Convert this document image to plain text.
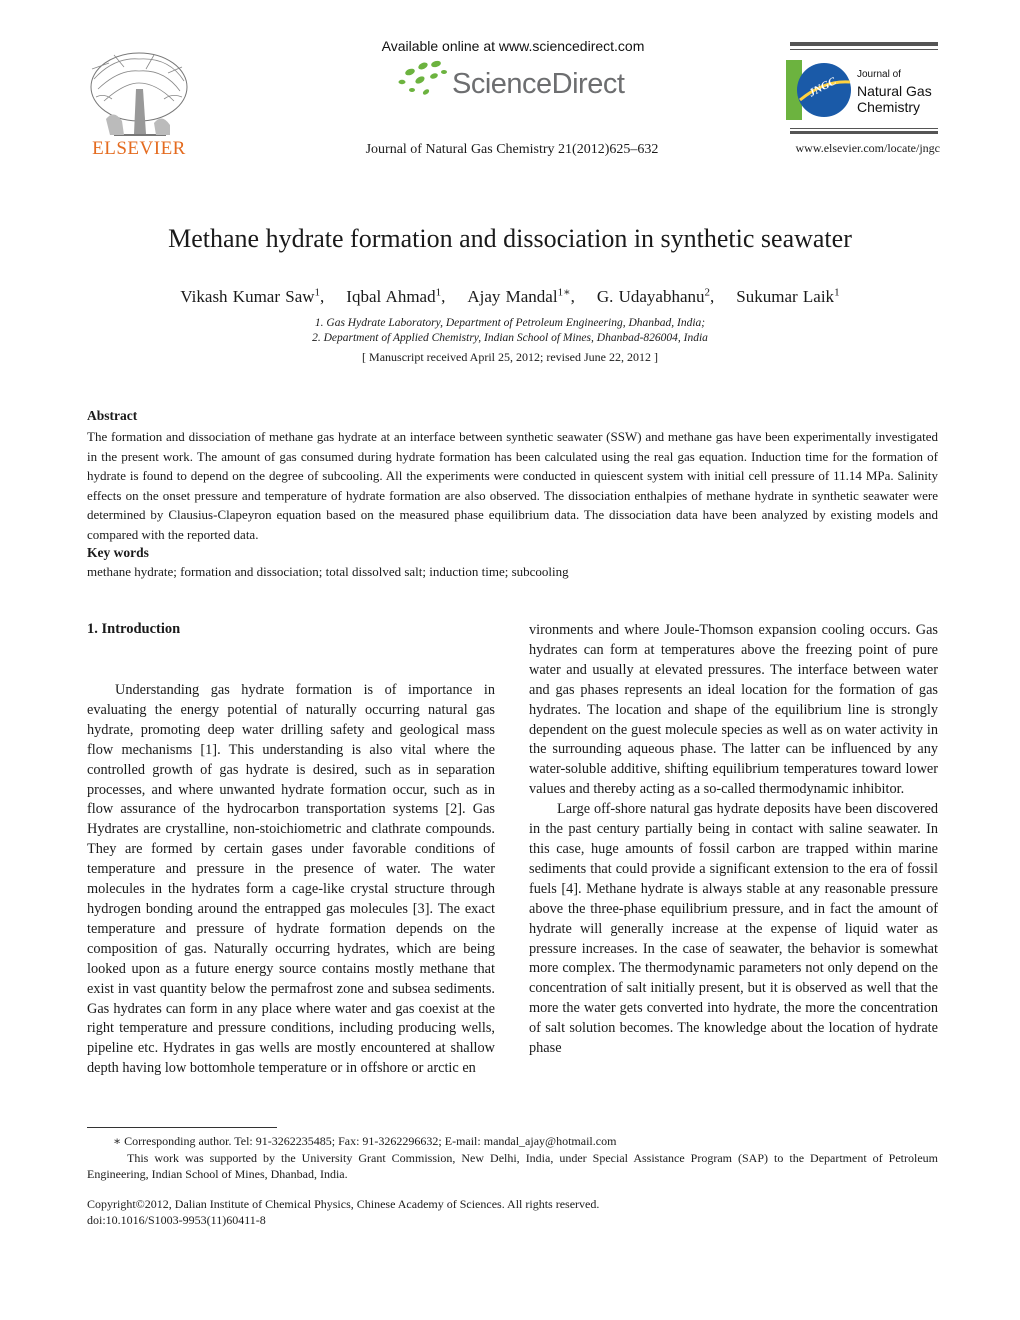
ELSEVIER
Available online at www.sciencedirect.com
ScienceDirect
Journal of Natural Gas Chemistry 21(2012)625–632
JNGC
Journal of
Natural Gas
Chemistry
www.elsevier.com/locate/jngc
Methane hydrate formation and dissociation in synthetic seawater
Vikash Kumar Saw$^1$, Iqbal Ahmad$^1$, Ajay Mandal$^{1∗}$, G. Udayabhanu$^2$, Sukumar Laik$^1$
1. Gas Hydrate Laboratory, Department of Petroleum Engineering, Dhanbad, India;
2. Department of Applied Chemistry, Indian School of Mines, Dhanbad-826004, India
[ Manuscript received April 25, 2012; revised June 22, 2012 ]
Abstract
The formation and dissociation of methane gas hydrate at an interface between synthetic seawater (SSW) and methane gas have been experimentally investigated in the present work. The amount of gas consumed during hydrate formation has been calculated using the real gas equation. Induction time for the formation of hydrate is found to depend on the degree of subcooling. All the experiments were conducted in quiescent system with initial cell pressure of 11.14 MPa. Salinity effects on the onset pressure and temperature of hydrate formation are also observed. The dissociation enthalpies of methane hydrate in synthetic seawater were determined by Clausius-Clapeyron equation based on the measured phase equilibrium data. The dissociation data have been analyzed by existing models and compared with the reported data.
Key words
methane hydrate; formation and dissociation; total dissolved salt; induction time; subcooling
1. Introduction

Understanding gas hydrate formation is of importance in evaluating the energy potential of naturally occurring natural gas hydrate, promoting deep water drilling safety and geological mass flow mechanisms [1]. This understanding is also vital where the controlled growth of gas hydrate is desired, such as in separation processes, and where unwanted hydrate formation occur, such as in flow assurance of the hydrocarbon transportation systems [2]. Gas Hydrates are crystalline, non-stoichiometric and clathrate compounds. They are formed by certain gases under favorable conditions of temperature and pressure in the presence of water. The water molecules in the hydrates form a cage-like crystal structure through hydrogen bonding around the entrapped gas molecules [3]. The exact temperature and pressure of hydrate formation depends on the composition of gas. Naturally occurring hydrates, which are being looked upon as a future energy source contains mostly methane that exist in vast quantity below the permafrost zone and subsea sediments. Gas hydrates can form in any place where water and gas coexist at the right temperature and pressure conditions, including producing wells, pipeline etc. Hydrates in gas wells are mostly encountered at shallow depth having low bottomhole temperature or in offshore or arctic en

vironments and where Joule-Thomson expansion cooling occurs. Gas hydrates can form at temperatures above the freezing point of pure water and usually at elevated pressures. The interface between water and gas phases represents an ideal location for the formation of gas hydrates. The location and shape of the equilibrium line is strongly dependent on the guest molecule species as well as on water activity in the surrounding aqueous phase. The latter can be influenced by any water-soluble additive, shifting equilibrium temperatures toward lower values and thereby acting as a so-called thermodynamic inhibitor.

Large off-shore natural gas hydrate deposits have been discovered in the past century partially being in contact with saline seawater. In this case, huge amounts of fossil carbon are trapped within marine sediments that could provide a significant extension to the era of fossil fuels [4]. Methane hydrate is always stable at any reasonable pressure above the three-phase equilibrium pressure, and in fact the amount of hydrate will generally increase at the expense of liquid water as pressure increases. In the case of seawater, the behavior is somewhat more complex. The thermodynamic parameters not only depend on the concentration of salt initially present, but it is observed as well that the more the water gets converted into hydrate, the more the concentration of salt solution becomes. The knowledge about the location of hydrate phase

∗ Corresponding author. Tel: 91-3262235485; Fax: 91-3262296632; E-mail: mandal_ajay@hotmail.com
This work was supported by the University Grant Commission, New Delhi, India, under Special Assistance Program (SAP) to the Department of Petroleum Engineering, Indian School of Mines, Dhanbad, India.
Copyright©2012, Dalian Institute of Chemical Physics, Chinese Academy of Sciences. All rights reserved.
doi:10.1016/S1003-9953(11)60411-8
